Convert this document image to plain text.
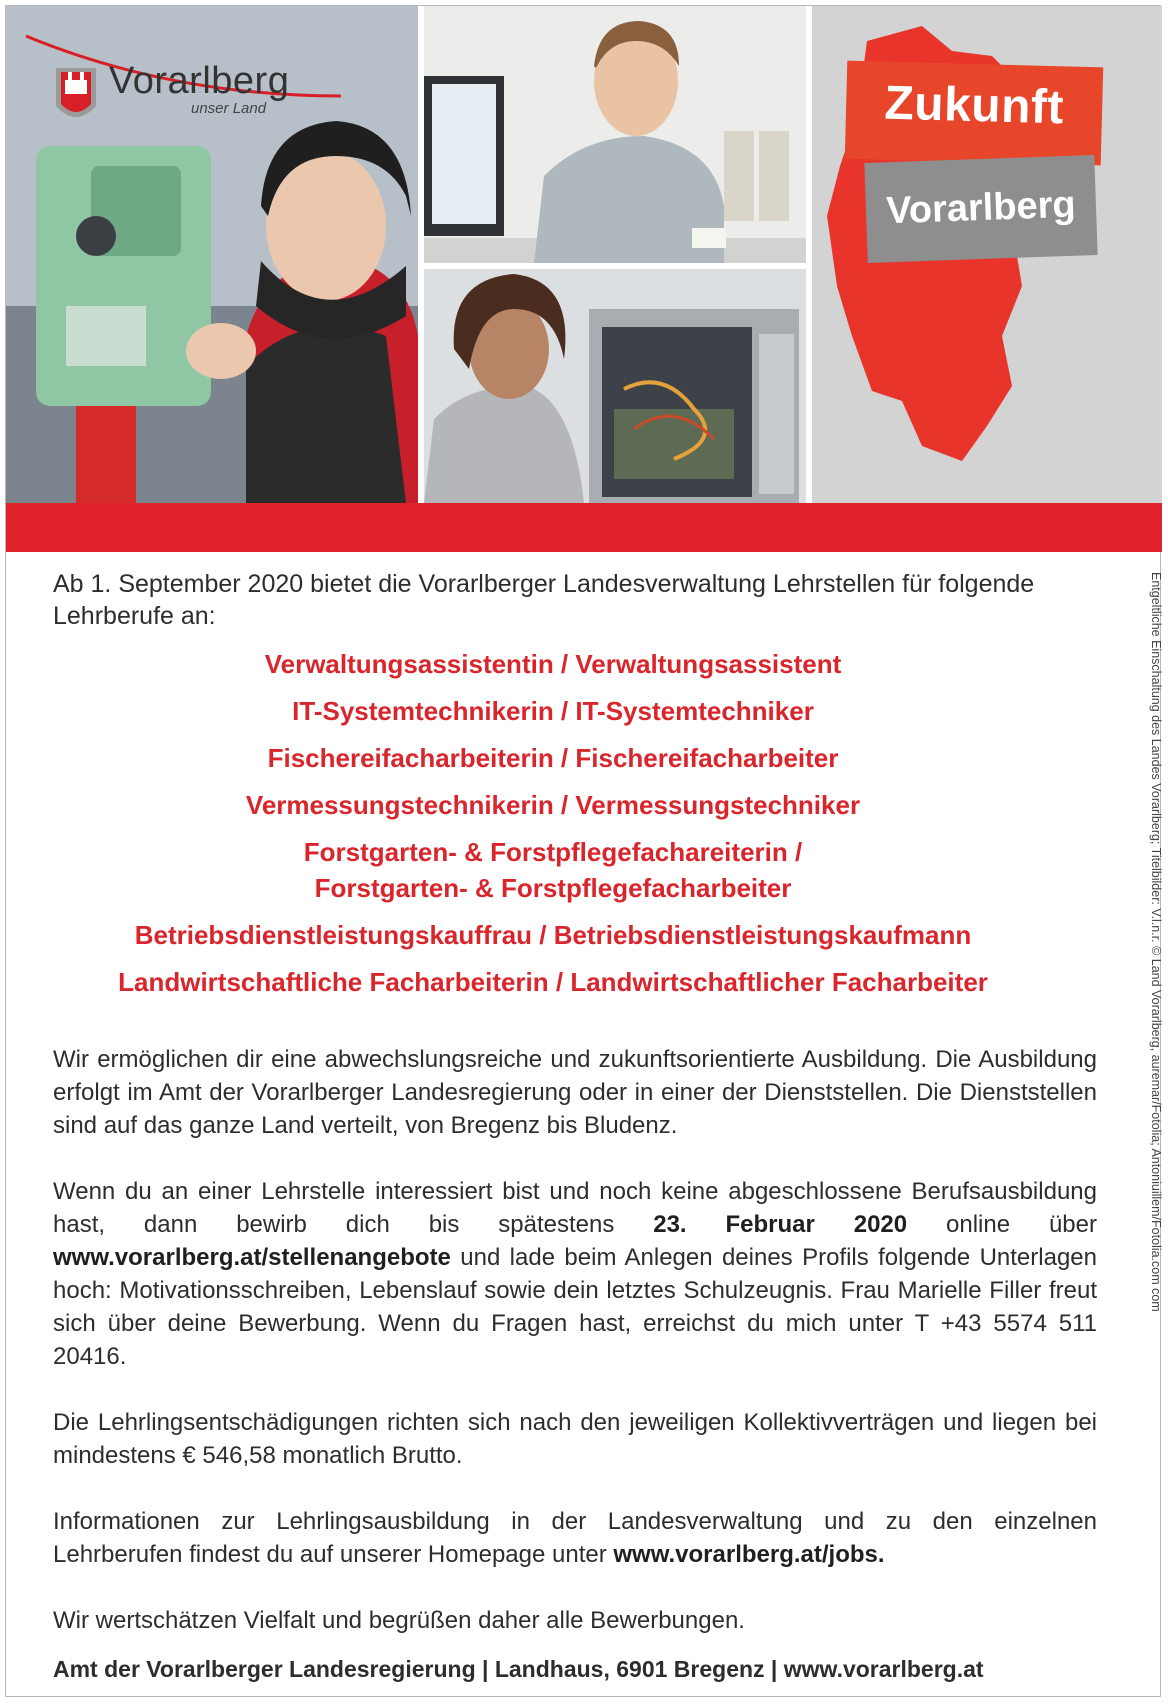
Vorarlberg
unser Land	Zukunft
Vorarlberg
Ab 1. September 2020 bietet die Vorarlberger Landesverwaltung Lehrstellen für folgende Lehrberufe an:
Verwaltungsassistentin / Verwaltungsassistent
IT-Systemtechnikerin / IT-Systemtechniker
Fischereifacharbeiterin / Fischereifacharbeiter
Vermessungstechnikerin / Vermessungstechniker
Forstgarten- & Forstpflegefachareiterin /
Forstgarten- & Forstpflegefacharbeiter
Betriebsdienstleistungskauffrau / Betriebsdienstleistungskaufmann
Landwirtschaftliche Facharbeiterin / Landwirtschaftlicher Facharbeiter

Wir ermöglichen dir eine abwechslungsreiche und zukunftsorientierte Ausbildung. Die Ausbildung erfolgt im Amt der Vorarlberger Landesregierung oder in einer der Dienststellen. Die Dienststellen sind auf das ganze Land verteilt, von Bregenz bis Bludenz.

Wenn du an einer Lehrstelle interessiert bist und noch keine abgeschlossene Berufsausbildung hast, dann bewirb dich bis spätestens 23. Februar 2020 online über www.vorarlberg.at/stellenangebote und lade beim Anlegen deines Profils folgende Unterlagen hoch: Motivationsschreiben, Lebenslauf sowie dein letztes Schulzeugnis. Frau Marielle Filler freut sich über deine Bewerbung. Wenn du Fragen hast, erreichst du mich unter T +43 5574 511 20416.

Die Lehrlingsentschädigungen richten sich nach den jeweiligen Kollektivverträgen und liegen bei mindestens € 546,58 monatlich Brutto.

Informationen zur Lehrlingsausbildung in der Landesverwaltung und zu den einzelnen Lehrberufen findest du auf unserer Homepage unter www.vorarlberg.at/jobs.

Wir wertschätzen Vielfalt und begrüßen daher alle Bewerbungen.

Amt der Vorarlberger Landesregierung | Landhaus, 6901 Bregenz | www.vorarlberg.at
Entgeltliche Einschaltung des Landes Vorarlberg; Titelbilder: V.l.n.r. © Land Vorarlberg, auremar/Fotolia; Antoniuillem/Fotolia.com com
